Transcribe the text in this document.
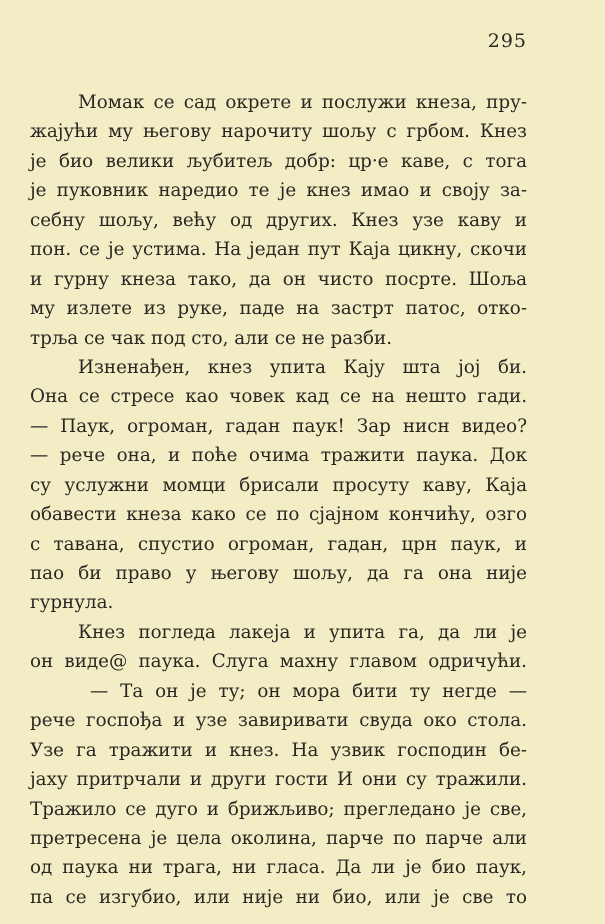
295
Момак се сад окрете и послужи кнеза, пру-
жајући му његову нарочиту шољу с грбом. Кнез
је био велики љубитељ добр: цр·е каве, с тога
је пуковник наредио те је кнез имао и своју за-
себну шољу, већу од других. Кнез узе каву и
пон. се је устима. На један пут Каја цикну, скочи
и гурну кнеза тако, да он чисто посрте. Шоља
му излете из руке, паде на застрт патос, откo-
трља се чак под сто, али се не разби.
Изненађен, кнез упита Кају шта јој би.
Она се стресе као човек кад се на нешто гади.
— Паук, огроман, гадан паук! Зар нисн видео?
— рече она, и поће очима тражити паука. Док
су услужни момци брисали просуту каву, Каја
обавести кнеза како се по сјајном кончићу, озго
с тавана, спустио огроман, гадан, црн паук, и
пао би право у његову шољу, да га она није
гурнула.
Кнез погледа лакеја и упита га, да ли је
он виде@ паука. Слуга махну главом одричући.
— Та он је ту; он мора бити ту негде —
рече госпођа и узе завиривати свуда око стола.
Узе га тражити и кнез. На узвик господин бе-
јаху притрчали и други гости И они су тражили.
Тражило се дуго и брижљиво; прегледано је све,
претресена је цела околина, парче по парче али
од паука ни трага, ни гласа. Да ли је био паук,
па се изгубио, или није ни био, или је све то
